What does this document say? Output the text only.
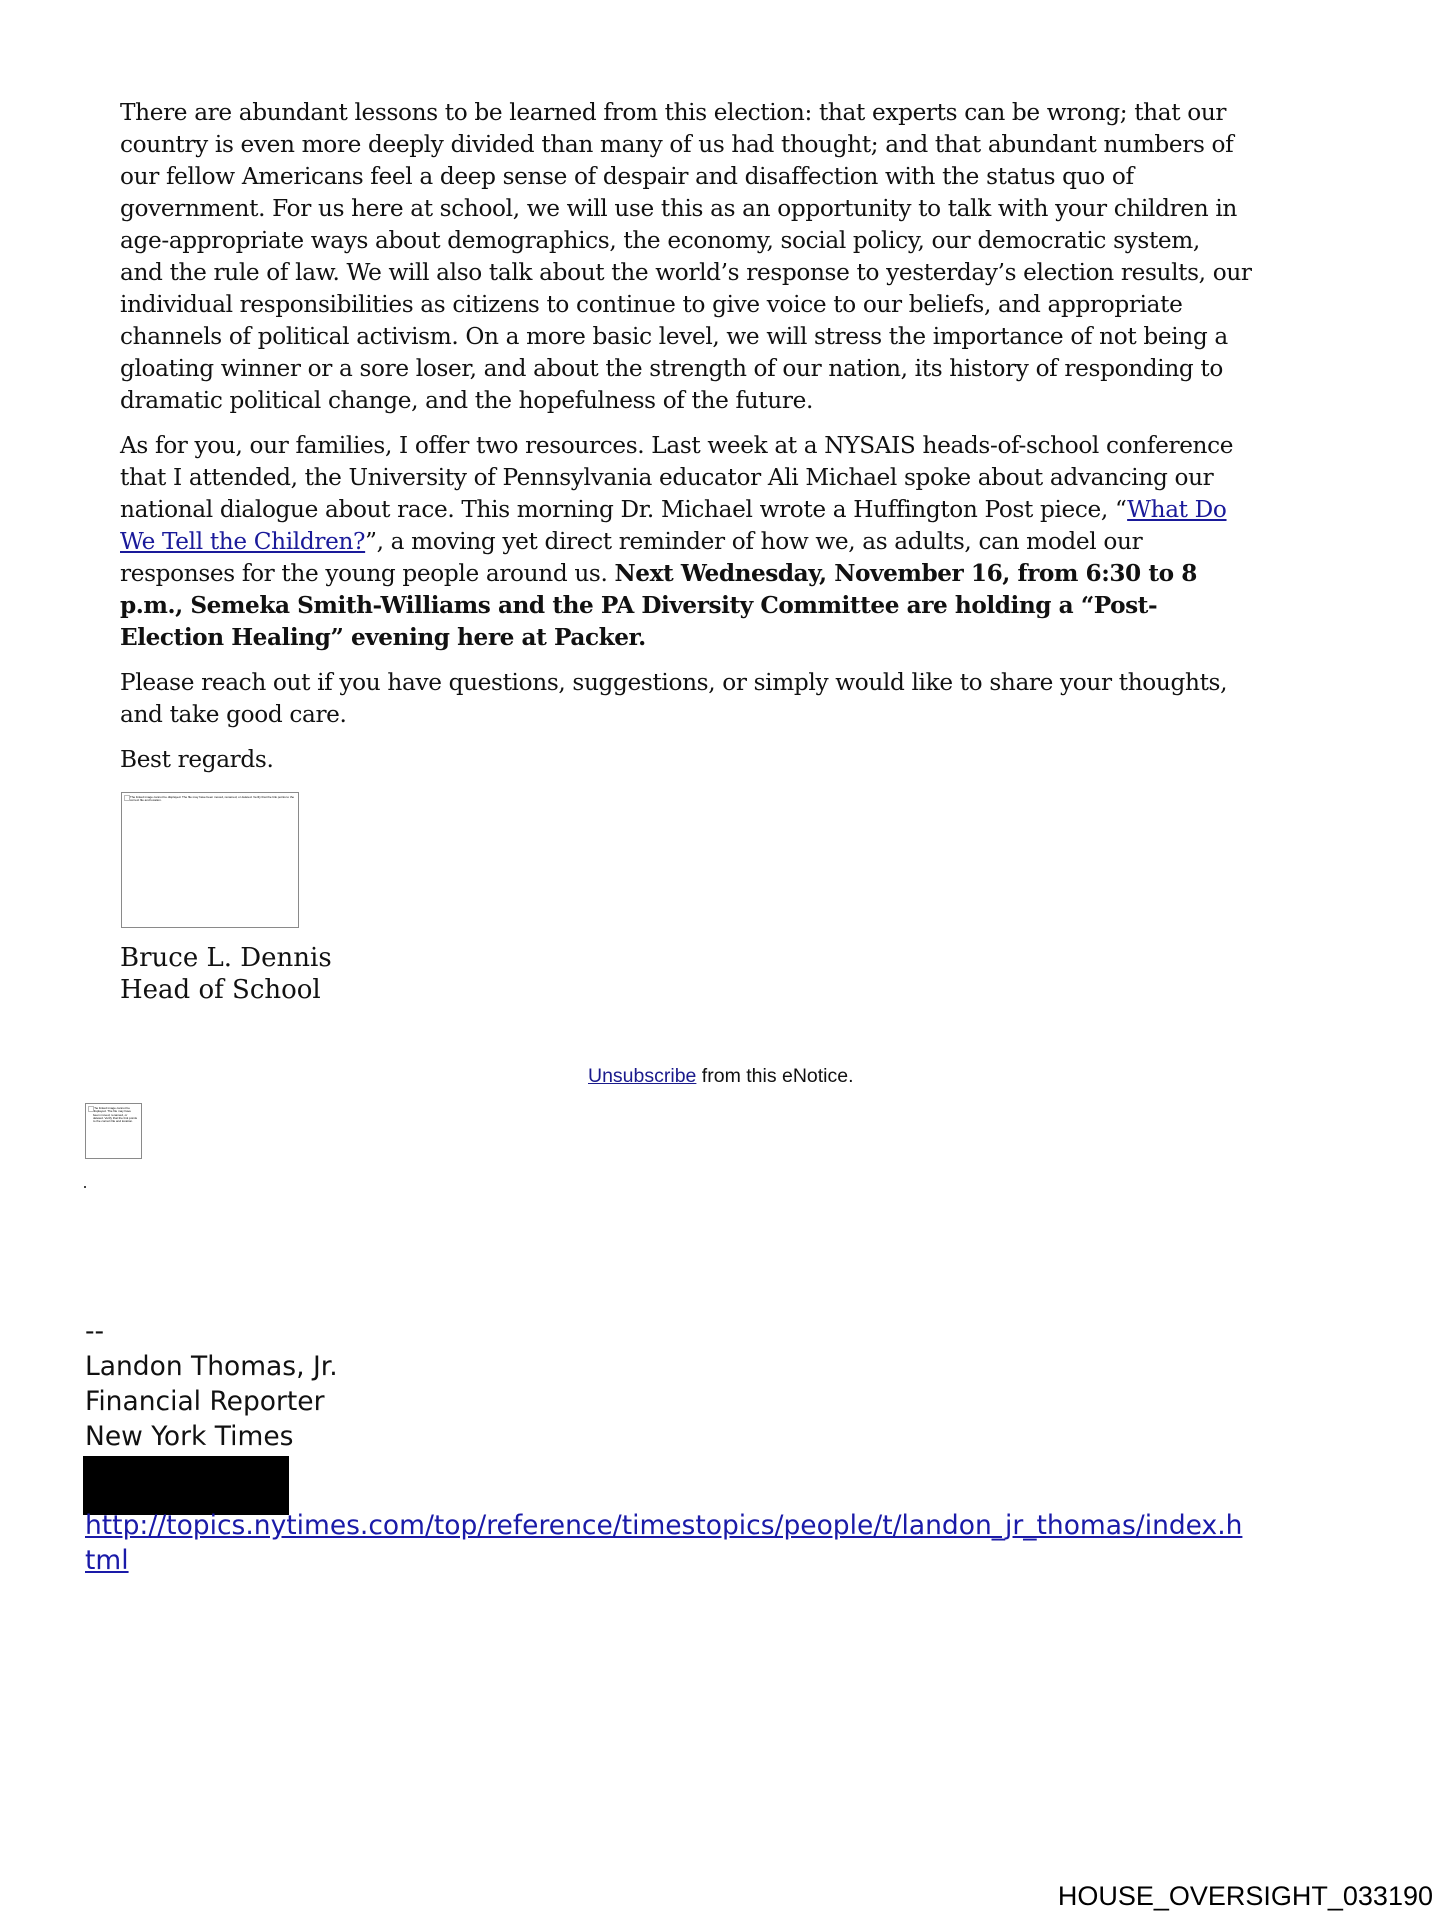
There are abundant lessons to be learned from this election: that experts can be wrong; that our
country is even more deeply divided than many of us had thought; and that abundant numbers of
our fellow Americans feel a deep sense of despair and disaffection with the status quo of
government. For us here at school, we will use this as an opportunity to talk with your children in
age-appropriate ways about demographics, the economy, social policy, our democratic system,
and the rule of law. We will also talk about the world’s response to yesterday’s election results, our
individual responsibilities as citizens to continue to give voice to our beliefs, and appropriate
channels of political activism. On a more basic level, we will stress the importance of not being a
gloating winner or a sore loser, and about the strength of our nation, its history of responding to
dramatic political change, and the hopefulness of the future.

As for you, our families, I offer two resources. Last week at a NYSAIS heads-of-school conference
that I attended, the University of Pennsylvania educator Ali Michael spoke about advancing our
national dialogue about race. This morning Dr. Michael wrote a Huffington Post piece, “What Do
We Tell the Children?”, a moving yet direct reminder of how we, as adults, can model our
responses for the young people around us. Next Wednesday, November 16, from 6:30 to 8
p.m., Semeka Smith-Williams and the PA Diversity Committee are holding a “Post-
Election Healing” evening here at Packer.

Please reach out if you have questions, suggestions, or simply would like to share your thoughts,
and take good care.

Best regards.

The linked image cannot be displayed. The file may have been moved, renamed, or deleted. Verify that the link points to the correct file and location.
Bruce L. Dennis
Head of School
Unsubscribe from this eNotice.
The linked image cannot be displayed. The file may have been moved, renamed, or deleted. Verify that the link points to the correct file and location.
--
Landon Thomas, Jr.
Financial Reporter
New York Times
http://topics.nytimes.com/top/reference/timestopics/people/t/landon_jr_thomas/index.h
tml
HOUSE_OVERSIGHT_033190
